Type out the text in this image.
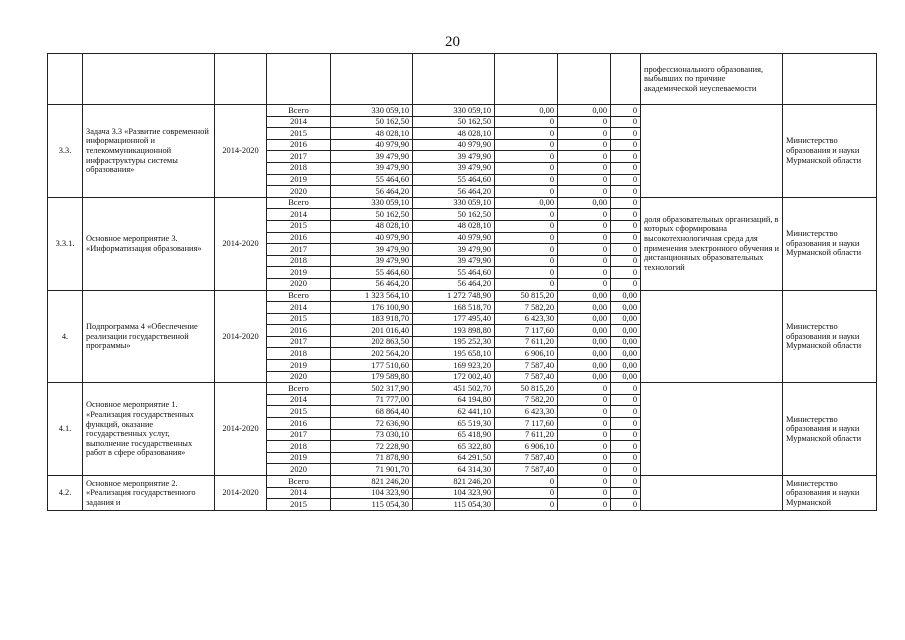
20
									профессионального образования, выбывших по причине академической неуспеваемости	
3.3.	Задача 3.3 «Развитие современной информационной и телекоммуникационной инфраструктуры системы образования»	2014-2020	Всего	330 059,10	330 059,10	0,00	0,00	0		Министерство образования и науки Мурманской области
			2014	50 162,50	50 162,50	0	0	0		
			2015	48 028,10	48 028,10	0	0	0		
			2016	40 979,90	40 979,90	0	0	0		
			2017	39 479,90	39 479,90	0	0	0		
			2018	39 479,90	39 479,90	0	0	0		
			2019	55 464,60	55 464,60	0	0	0		
			2020	56 464,20	56 464,20	0	0	0		
3.3.1.	Основное мероприятие 3. «Информатизация образования»	2014-2020	Всего	330 059,10	330 059,10	0,00	0,00	0	доля образовательных организаций, в которых сформирована высокотехнологичная среда для применения электронного обучения и дистанционных образовательных технологий	Министерство образования и науки Мурманской области
			2014	50 162,50	50 162,50	0	0	0		
			2015	48 028,10	48 028,10	0	0	0		
			2016	40 979,90	40 979,90	0	0	0		
			2017	39 479,90	39 479,90	0	0	0		
			2018	39 479,90	39 479,90	0	0	0		
			2019	55 464,60	55 464,60	0	0	0		
			2020	56 464,20	56 464,20	0	0	0		
4.	Подпрограмма 4 «Обеспечение реализации государственной программы»	2014-2020	Всего	1 323 564,10	1 272 748,90	50 815,20	0,00	0,00		Министерство образования и науки Мурманской области
			2014	176 100,90	168 518,70	7 582,20	0,00	0,00		
			2015	183 918,70	177 495,40	6 423,30	0,00	0,00		
			2016	201 016,40	193 898,80	7 117,60	0,00	0,00		
			2017	202 863,50	195 252,30	7 611,20	0,00	0,00		
			2018	202 564,20	195 658,10	6 906,10	0,00	0,00		
			2019	177 510,60	169 923,20	7 587,40	0,00	0,00		
			2020	179 589,80	172 002,40	7 587,40	0,00	0,00		
4.1.	Основное мероприятие 1. «Реализация государственных функций, оказание государственных услуг, выполнение государственных работ в сфере образования»	2014-2020	Всего	502 317,90	451 502,70	50 815,20	0	0		Министерство образования и науки Мурманской области
			2014	71 777,00	64 194,80	7 582,20	0	0		
			2015	68 864,40	62 441,10	6 423,30	0	0		
			2016	72 636,90	65 519,30	7 117,60	0	0		
			2017	73 030,10	65 418,90	7 611,20	0	0		
			2018	72 228,90	65 322,80	6 906,10	0	0		
			2019	71 878,90	64 291,50	7 587,40	0	0		
			2020	71 901,70	64 314,30	7 587,40	0	0		
4.2.	Основное мероприятие 2. «Реализация государственного задания и	2014-2020	Всего	821 246,20	821 246,20	0	0	0		Министерство образования и науки Мурманской
			2014	104 323,90	104 323,90	0	0	0		
			2015	115 054,30	115 054,30	0	0	0		
